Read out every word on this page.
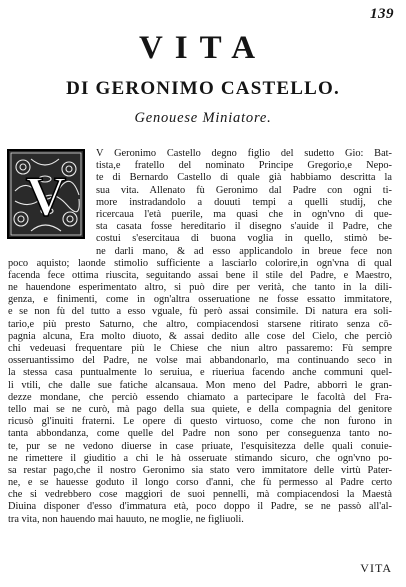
139
VITA
DI GERONIMO CASTELLO.
Genouese Miniatore.
V
V Geronimo Castello degno figlio del sudetto Gio: Bat-
tista,e fratello del nominato Principe Gregorio,e Nepo-
te di Bernardo Castello di quale già habbiamo descritta la
sua vita. Allenato fù Geronimo dal Padre con ogni ti-
more instradandolo a douuti tempi a quelli studij, che
ricercaua l'età puerile, ma quasi che in ogn'vno di que-
sta casata fosse hereditario il disegno s'auide il Padre, che
costui s'esercitaua di buona voglia in quello, stimò be-
ne darli mano, & ad esso applicandolo in breue fece non
poco aquisto; laonde stimolio sufficiente a lasciarlo colorire,in ogn'vna di qual
facenda fece ottima riuscita, seguitando assai bene il stile del Padre, e Maestro,
ne hauendone esperimentato altro, si può dire per verità, che tanto in la dili-
genza, e finimenti, come in ogn'altra osseruatione ne fosse essatto immitatore,
e se non fù del tutto a esso vguale, fù però assai consimile. Di natura era soli-
tario,e più presto Saturno, che altro, compiacendosi starsene ritirato senza cō-
pagnia alcuna, Era molto diuoto, & assai dedito alle cose del Cielo, che perciò
chi vedeuasi frequentare più le Chiese che niun altro passaremo: Fù sempre
osseruantissimo del Padre, ne volse mai abbandonarlo, ma continuando seco in
la stessa casa puntualmente lo seruiua, e riueriua facendo anche communi quel-
li vtili, che dalle sue fatiche alcansaua. Mon meno del Padre, abborrì le gran-
dezze mondane, che perciò essendo chiamato a partecipare le facoltà del Fra-
tello mai se ne curò, mà pago della sua quiete, e della compagnia del genitore
ricusò gl'inuiti fraterni. Le opere di questo virtuoso, come che non furono in
tanta abbondanza, come quelle del Padre non sono per conseguenza tanto no-
te, pur se ne vedono diuerse in case priuate, l'esquisitezza delle quali conuie-
ne rimettere il giuditio a chi le hà osseruate stimando sicuro, che ogn'vno po-
sa restar pago,che il nostro Geronimo sia stato vero immitatore delle virtù Pater-
ne, e se hauesse goduto il longo corso d'anni, che fù permesso al Padre certo
che si vedrebbero cose maggiori de suoi pennelli, mà compiacendosi la Maestà
Diuina disponer d'esso d'immatura età, poco doppo il Padre, se ne passò all'al-
tra vita, non hauendo mai hauuto, ne moglie, ne figliuoli.
VITA
